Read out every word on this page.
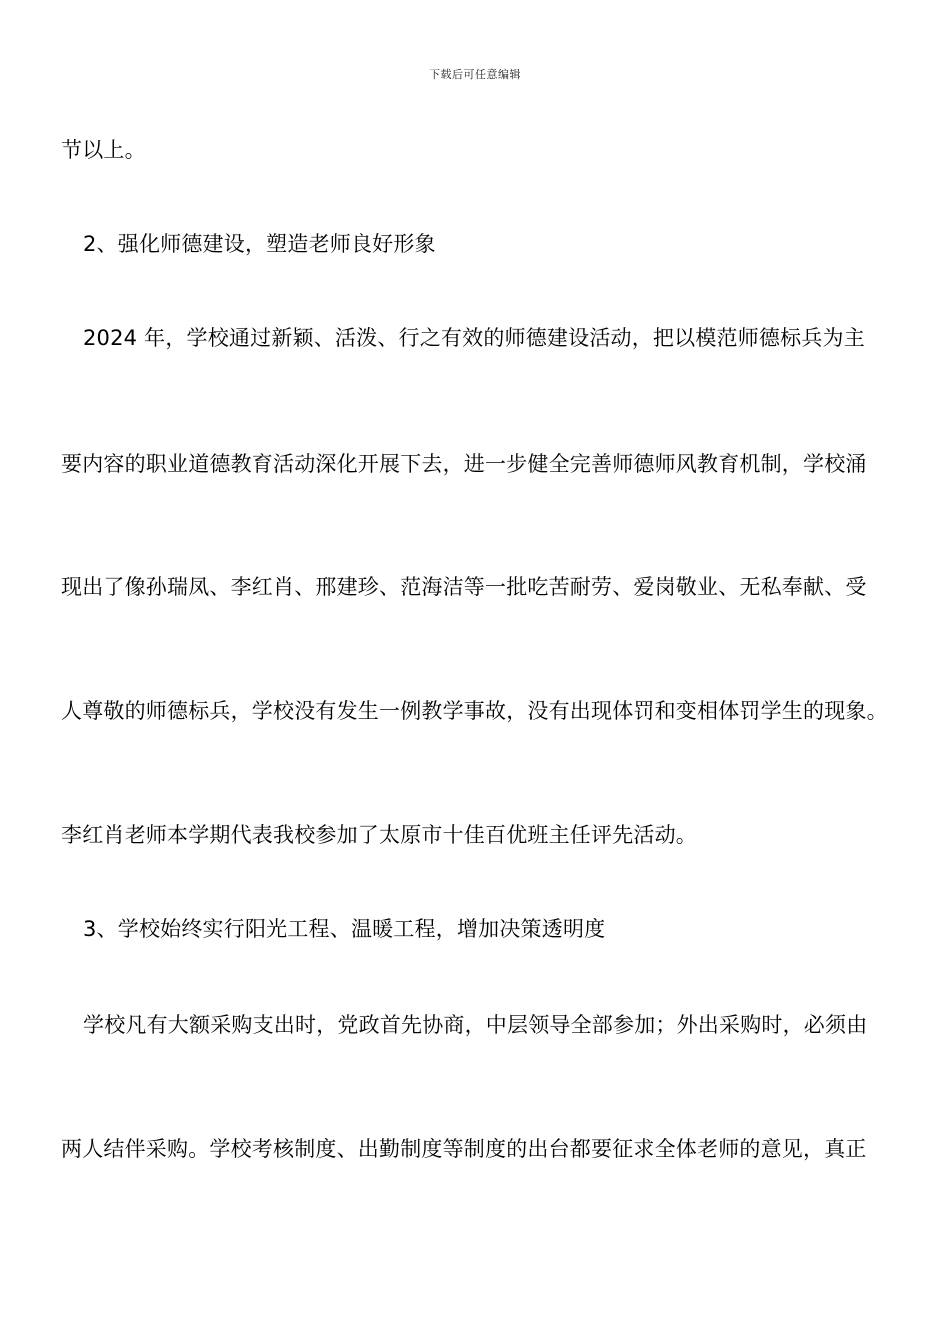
下载后可任意编辑
节以上。
2、强化师德建设，塑造老师良好形象
2024 年，学校通过新颖、活泼、行之有效的师德建设活动，把以模范师德标兵为主
要内容的职业道德教育活动深化开展下去，进一步健全完善师德师风教育机制，学校涌
现出了像孙瑞凤、李红肖、邢建珍、范海洁等一批吃苦耐劳、爱岗敬业、无私奉献、受
人尊敬的师德标兵，学校没有发生一例教学事故，没有出现体罚和变相体罚学生的现象。
李红肖老师本学期代表我校参加了太原市十佳百优班主任评先活动。
3、学校始终实行阳光工程、温暖工程，增加决策透明度
学校凡有大额采购支出时，党政首先协商，中层领导全部参加；外出采购时，必须由
两人结伴采购。学校考核制度、出勤制度等制度的出台都要征求全体老师的意见，真正
